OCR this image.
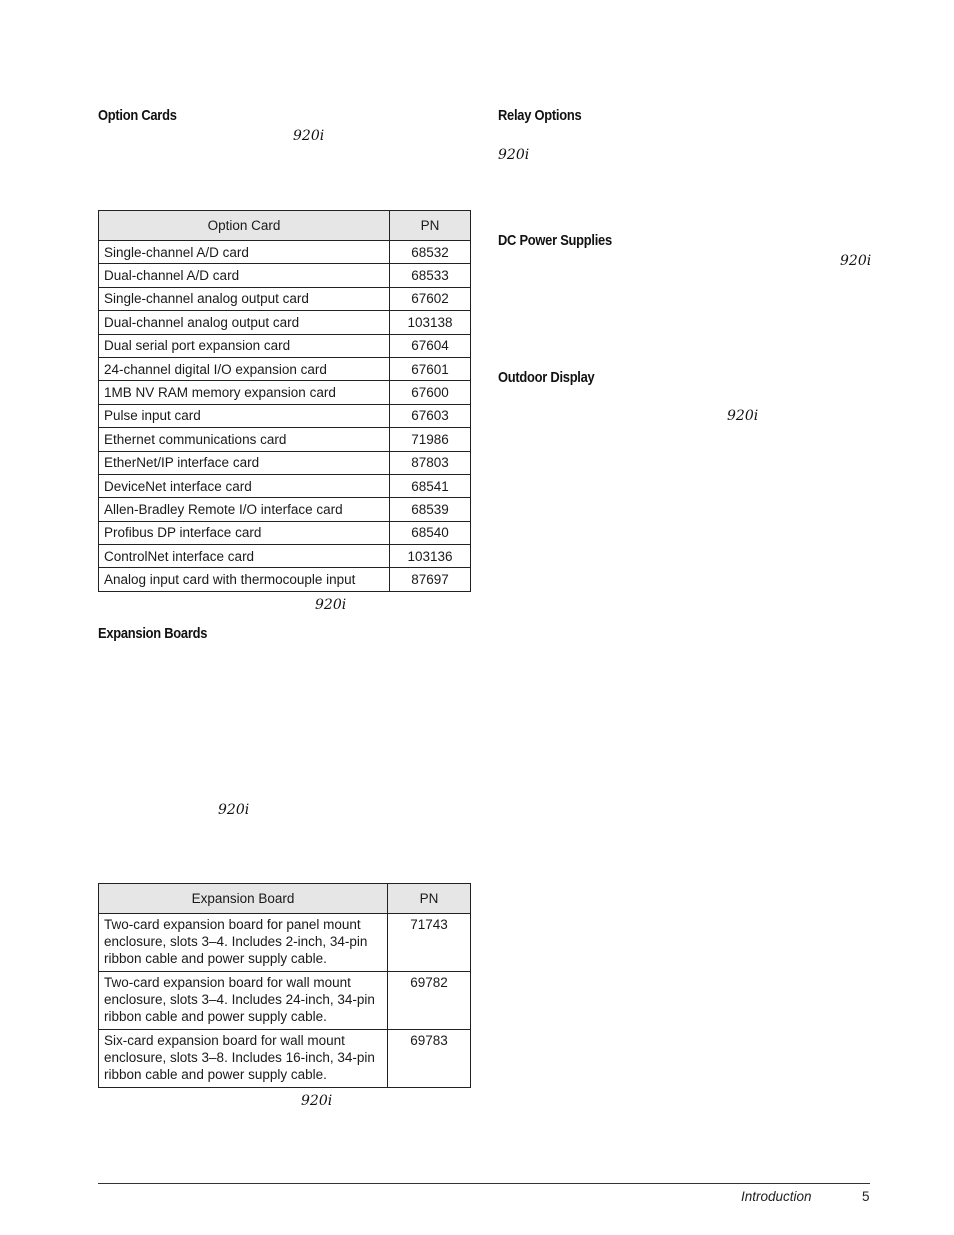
Option Cards
920i
Option Card	PN
Single-channel A/D card	68532
Dual-channel A/D card	68533
Single-channel analog output card	67602
Dual-channel analog output card	103138
Dual serial port expansion card	67604
24-channel digital I/O expansion card	67601
1MB NV RAM memory expansion card	67600
Pulse input card	67603
Ethernet communications card	71986
EtherNet/IP interface card	87803
DeviceNet interface card	68541
Allen-Bradley Remote I/O interface card	68539
Profibus DP interface card	68540
ControlNet interface card	103136
Analog input card with thermocouple input	87697
920i
Expansion Boards
920i
Expansion Board	PN
Two-card expansion board for panel mount enclosure, slots 3–4. Includes 2-inch, 34-pin ribbon cable and power supply cable.	71743
Two-card expansion board for wall mount enclosure, slots 3–4. Includes 24-inch, 34-pin ribbon cable and power supply cable.	69782
Six-card expansion board for wall mount enclosure, slots 3–8. Includes 16-inch, 34-pin ribbon cable and power supply cable.	69783
920i
Relay Options
920i
DC Power Supplies
920i
Outdoor Display
920i
Introduction	5
